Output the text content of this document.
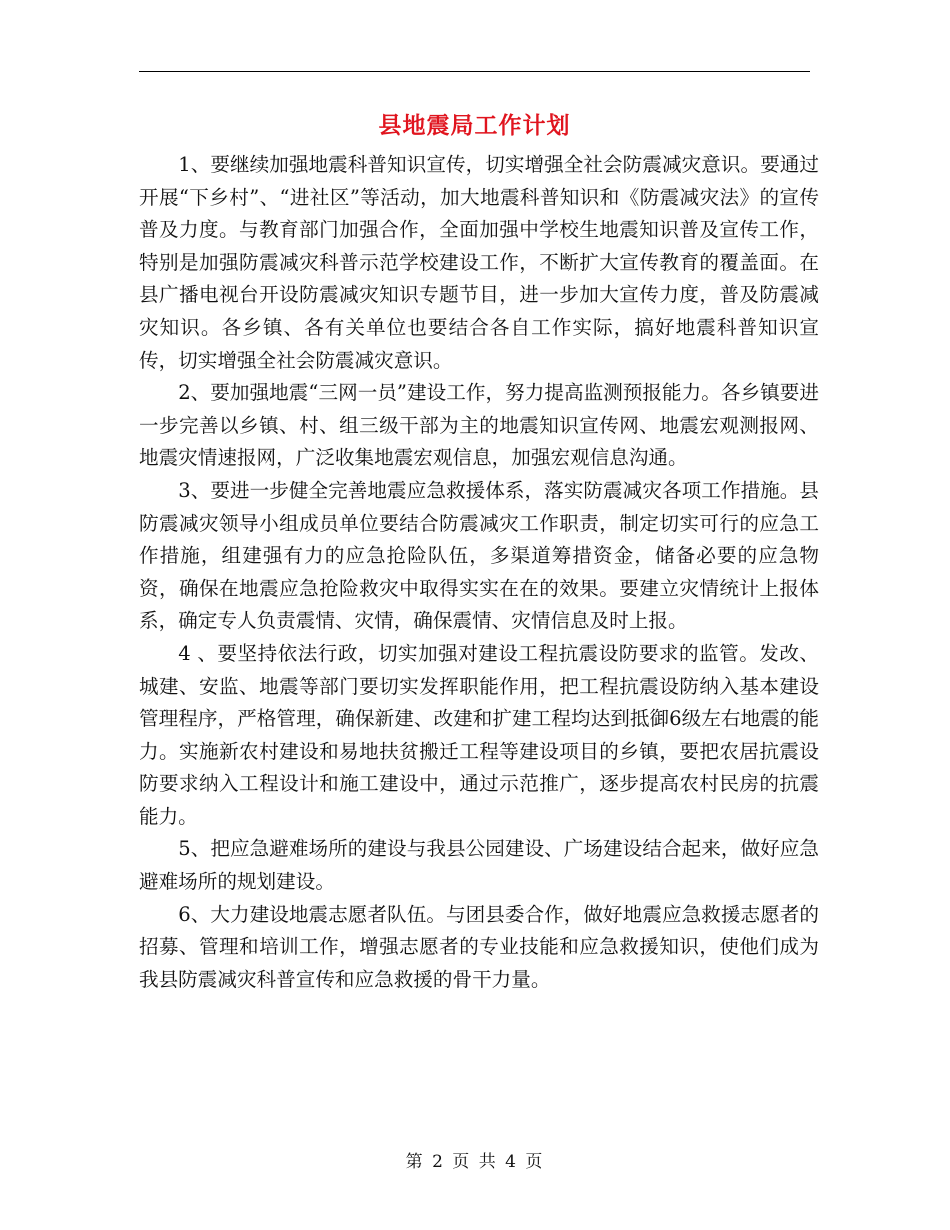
县地震局工作计划

1、要继续加强地震科普知识宣传，切实增强全社会防震减灾意识。要通过开展“下乡村”、“进社区”等活动，加大地震科普知识和《防震减灾法》的宣传普及力度。与教育部门加强合作，全面加强中学校生地震知识普及宣传工作，特别是加强防震减灾科普示范学校建设工作，不断扩大宣传教育的覆盖面。在县广播电视台开设防震减灾知识专题节目，进一步加大宣传力度，普及防震减灾知识。各乡镇、各有关单位也要结合各自工作实际，搞好地震科普知识宣传，切实增强全社会防震减灾意识。

2、要加强地震“三网一员”建设工作，努力提高监测预报能力。各乡镇要进一步完善以乡镇、村、组三级干部为主的地震知识宣传网、地震宏观测报网、地震灾情速报网，广泛收集地震宏观信息，加强宏观信息沟通。

3、要进一步健全完善地震应急救援体系，落实防震减灾各项工作措施。县防震减灾领导小组成员单位要结合防震减灾工作职责，制定切实可行的应急工作措施，组建强有力的应急抢险队伍，多渠道筹措资金，储备必要的应急物资，确保在地震应急抢险救灾中取得实实在在的效果。要建立灾情统计上报体系，确定专人负责震情、灾情，确保震情、灾情信息及时上报。

4 、要坚持依法行政，切实加强对建设工程抗震设防要求的监管。发改、城建、安监、地震等部门要切实发挥职能作用，把工程抗震设防纳入基本建设管理程序，严格管理，确保新建、改建和扩建工程均达到抵御6级左右地震的能力。实施新农村建设和易地扶贫搬迁工程等建设项目的乡镇，要把农居抗震设防要求纳入工程设计和施工建设中，通过示范推广，逐步提高农村民房的抗震能力。

5、把应急避难场所的建设与我县公园建设、广场建设结合起来，做好应急避难场所的规划建设。

6、大力建设地震志愿者队伍。与团县委合作，做好地震应急救援志愿者的招募、管理和培训工作，增强志愿者的专业技能和应急救援知识，使他们成为我县防震减灾科普宣传和应急救援的骨干力量。

第 2 页 共 4 页
